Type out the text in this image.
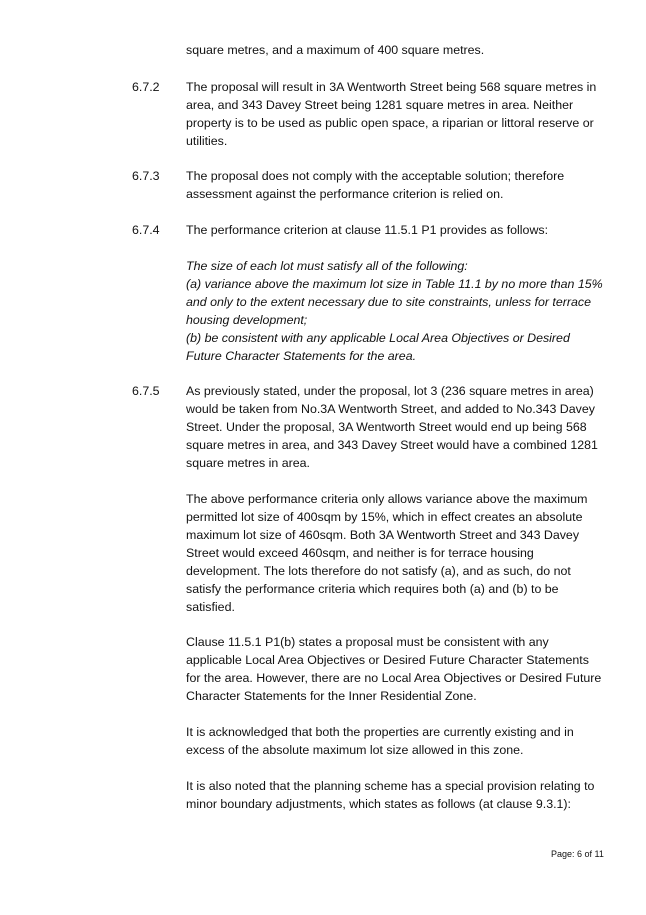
square metres, and a maximum of 400 square metres.

6.7.2 The proposal will result in 3A Wentworth Street being 568 square metres in area, and 343 Davey Street being 1281 square metres in area. Neither property is to be used as public open space, a riparian or littoral reserve or utilities.

6.7.3 The proposal does not comply with the acceptable solution; therefore assessment against the performance criterion is relied on.

6.7.4 The performance criterion at clause 11.5.1 P1 provides as follows:

The size of each lot must satisfy all of the following:
(a) variance above the maximum lot size in Table 11.1 by no more than 15% and only to the extent necessary due to site constraints, unless for terrace housing development;
(b) be consistent with any applicable Local Area Objectives or Desired Future Character Statements for the area.
6.7.5 As previously stated, under the proposal, lot 3 (236 square metres in area) would be taken from No.3A Wentworth Street, and added to No.343 Davey Street. Under the proposal, 3A Wentworth Street would end up being 568 square metres in area, and 343 Davey Street would have a combined 1281 square metres in area.

The above performance criteria only allows variance above the maximum permitted lot size of 400sqm by 15%, which in effect creates an absolute maximum lot size of 460sqm. Both 3A Wentworth Street and 343 Davey Street would exceed 460sqm, and neither is for terrace housing development. The lots therefore do not satisfy (a), and as such, do not satisfy the performance criteria which requires both (a) and (b) to be satisfied.

Clause 11.5.1 P1(b) states a proposal must be consistent with any applicable Local Area Objectives or Desired Future Character Statements for the area. However, there are no Local Area Objectives or Desired Future Character Statements for the Inner Residential Zone.

It is acknowledged that both the properties are currently existing and in excess of the absolute maximum lot size allowed in this zone.

It is also noted that the planning scheme has a special provision relating to minor boundary adjustments, which states as follows (at clause 9.3.1):

Page: 6 of 11
